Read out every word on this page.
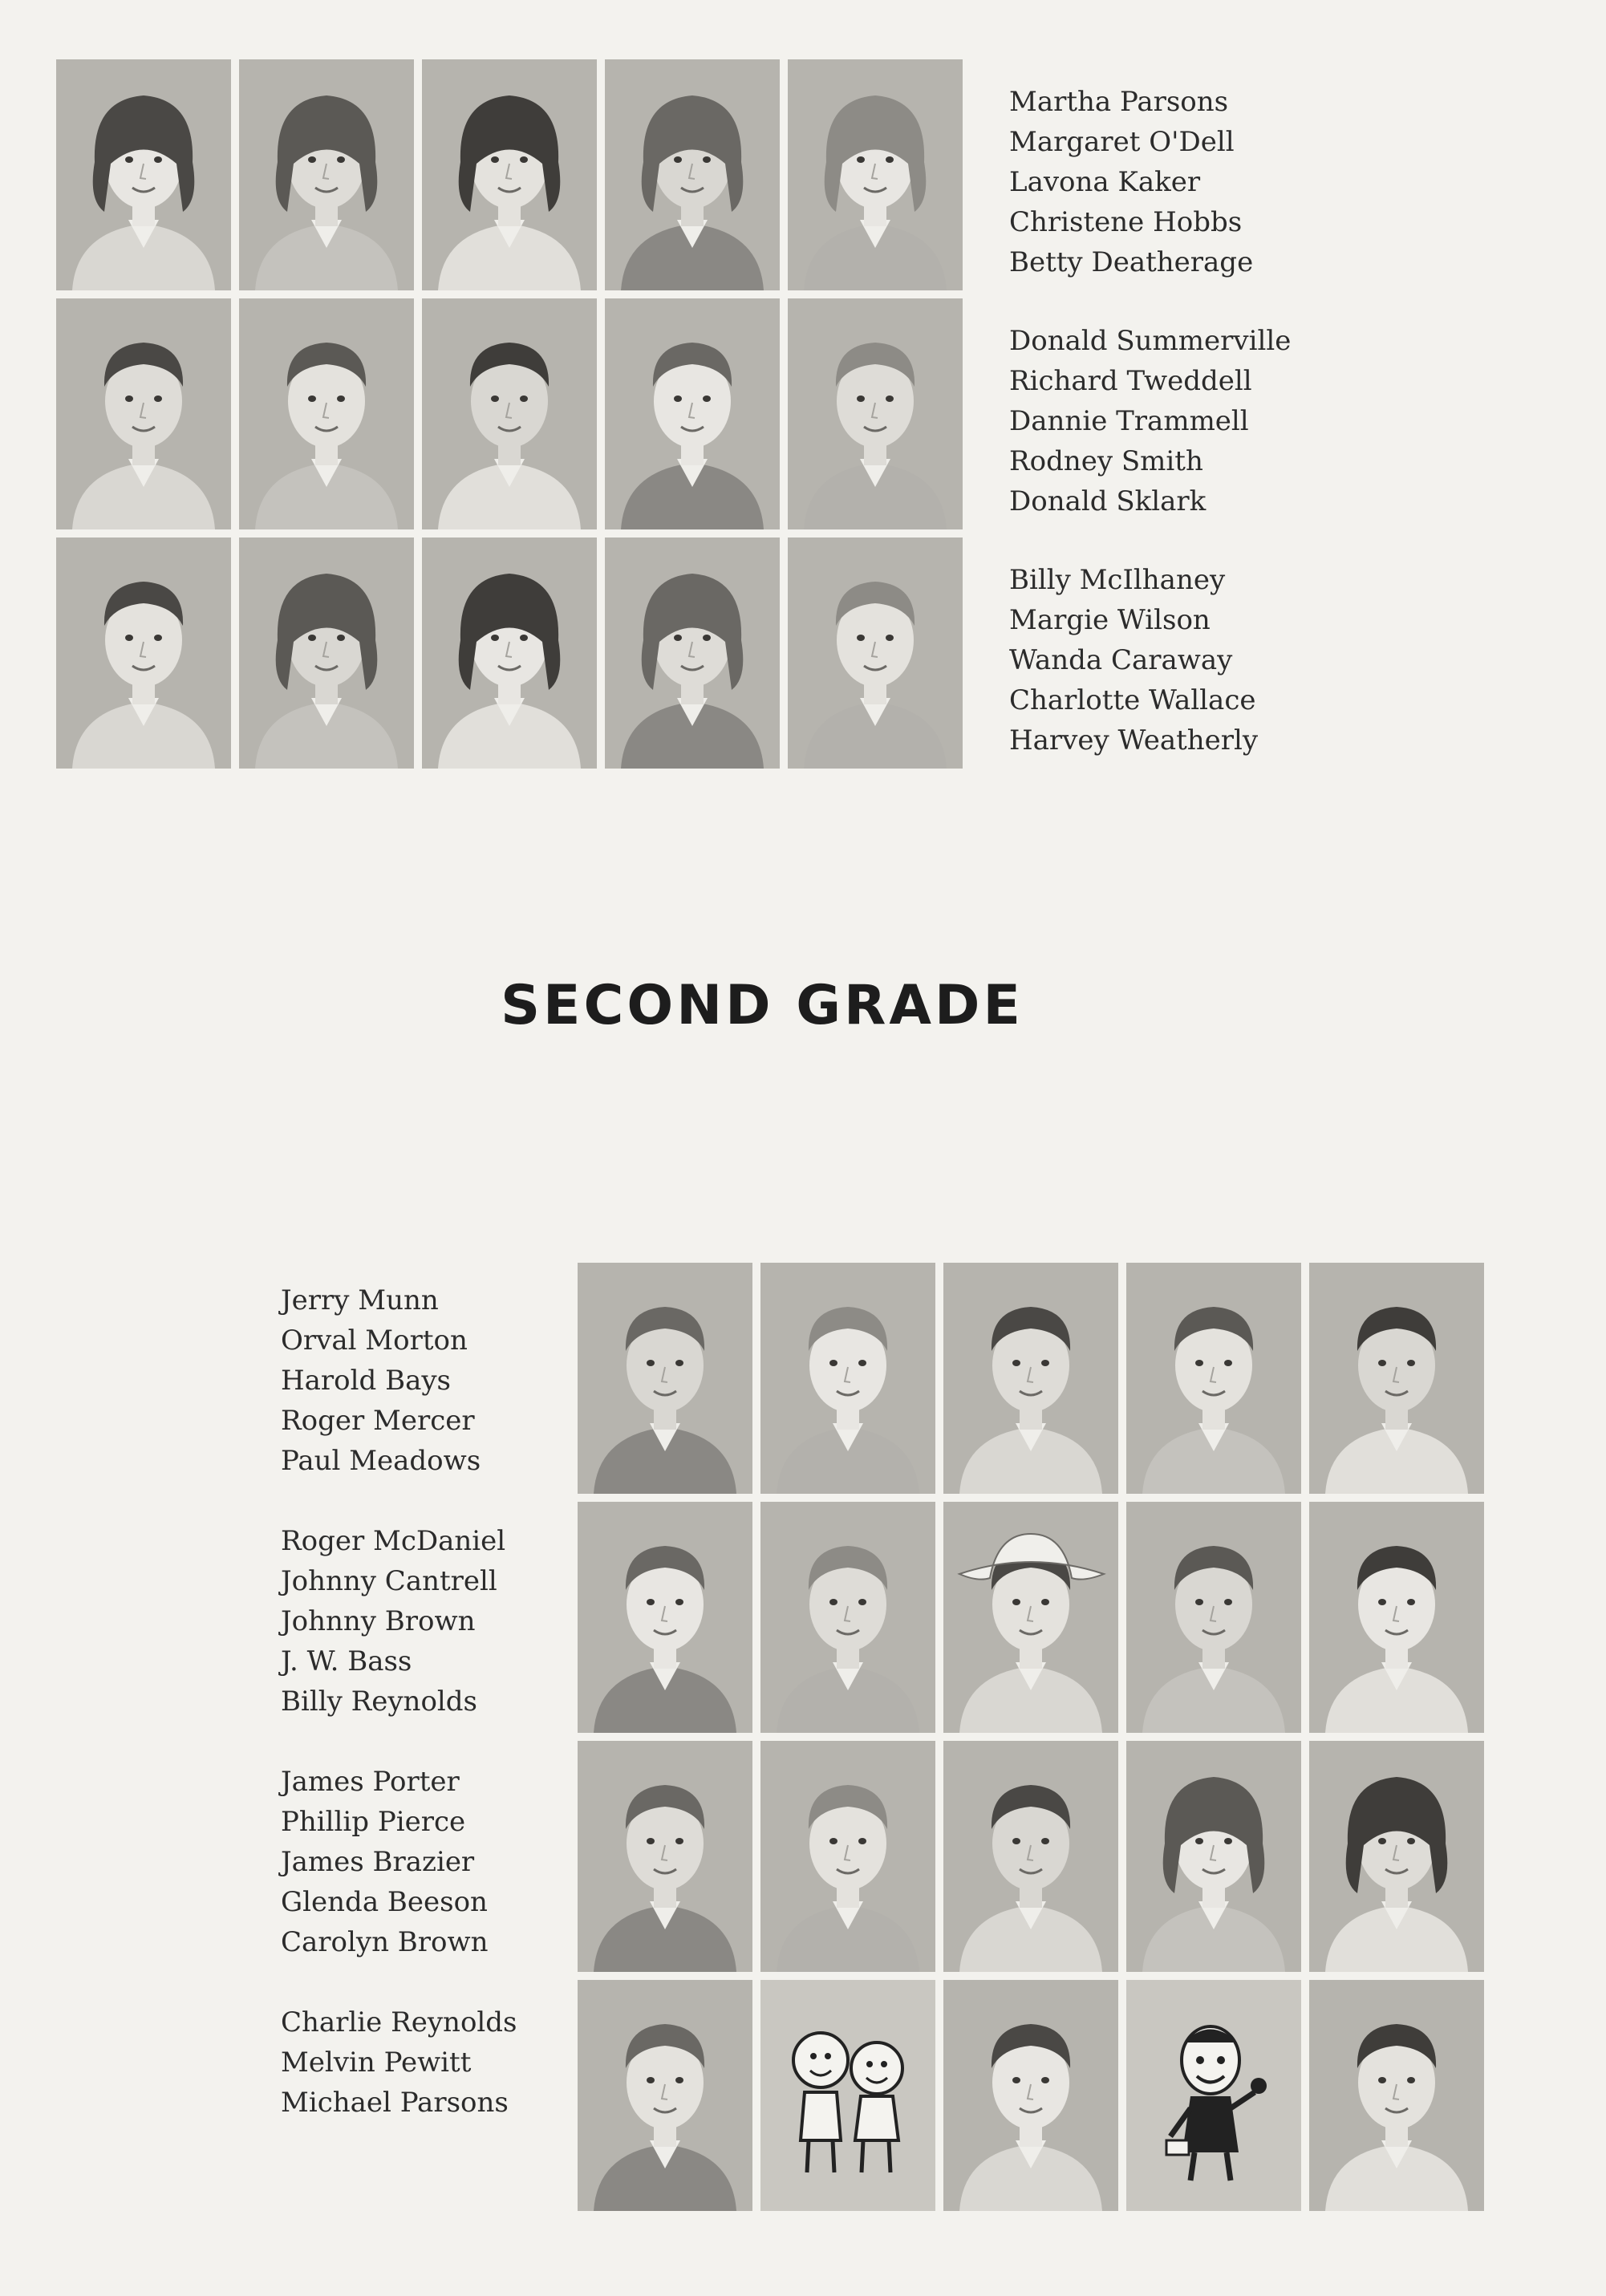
Martha Parsons
Margaret O'Dell
Lavona Kaker
Christene Hobbs
Betty Deatherage
Donald Summerville
Richard Tweddell
Dannie Trammell
Rodney Smith
Donald Sklark
Billy McIlhaney
Margie Wilson
Wanda Caraway
Charlotte Wallace
Harvey Weatherly
SECOND GRADE
Jerry Munn
Orval Morton
Harold Bays
Roger Mercer
Paul Meadows
Roger McDaniel
Johnny Cantrell
Johnny Brown
J. W. Bass
Billy Reynolds
James Porter
Phillip Pierce
James Brazier
Glenda Beeson
Carolyn Brown
Charlie Reynolds
Melvin Pewitt
Michael Parsons
